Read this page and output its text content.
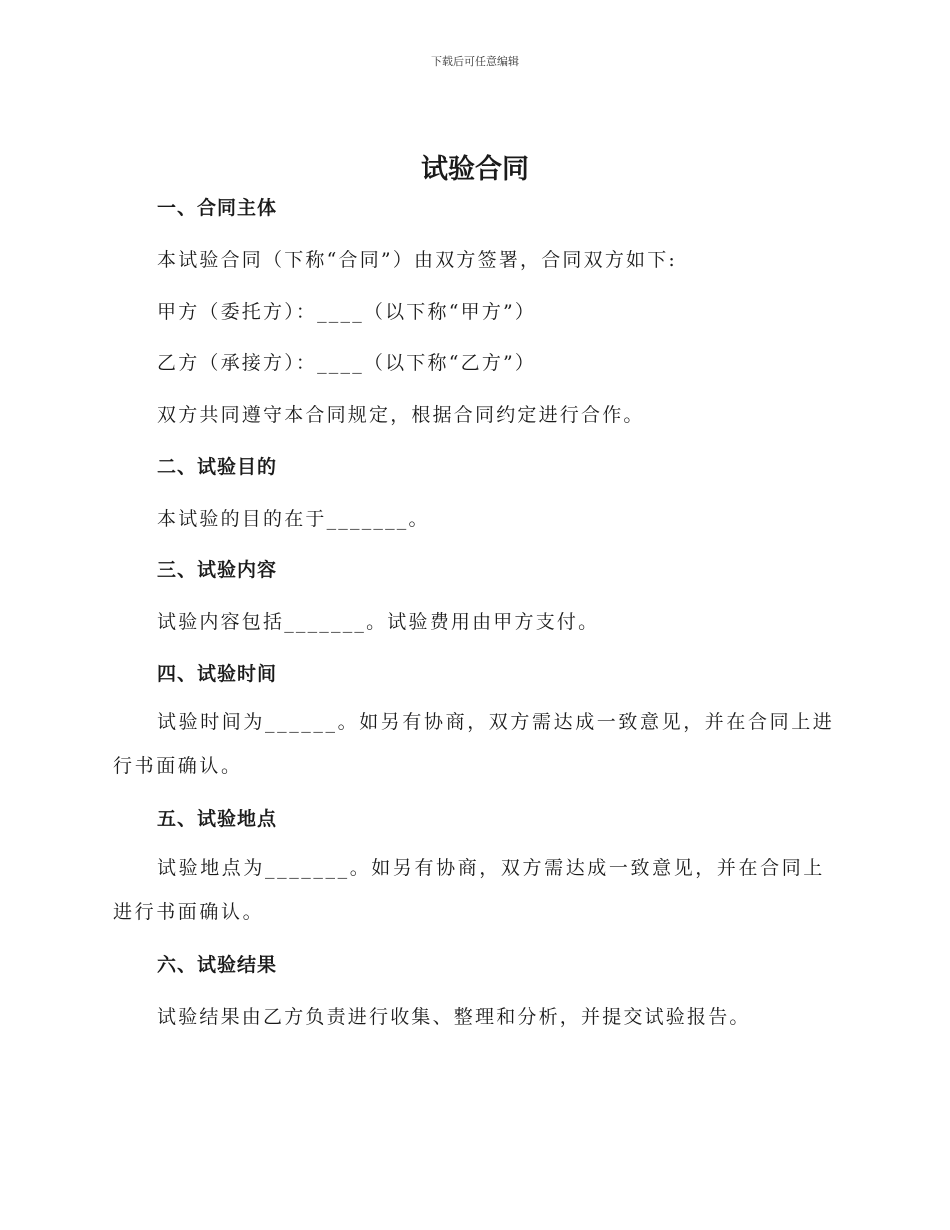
下载后可任意编辑
试验合同
一、合同主体
本试验合同（下称“合同”）由双方签署，合同双方如下:
甲方（委托方）：____（以下称“甲方”）
乙方（承接方）：____（以下称“乙方”）
双方共同遵守本合同规定，根据合同约定进行合作。
二、试验目的
本试验的目的在于_______。
三、试验内容
试验内容包括_______。试验费用由甲方支付。
四、试验时间
试验时间为______。如另有协商，双方需达成一致意见，并在合同上进行书面确认。
五、试验地点
试验地点为_______。如另有协商，双方需达成一致意见，并在合同上进行书面确认。
六、试验结果
试验结果由乙方负责进行收集、整理和分析，并提交试验报告。
